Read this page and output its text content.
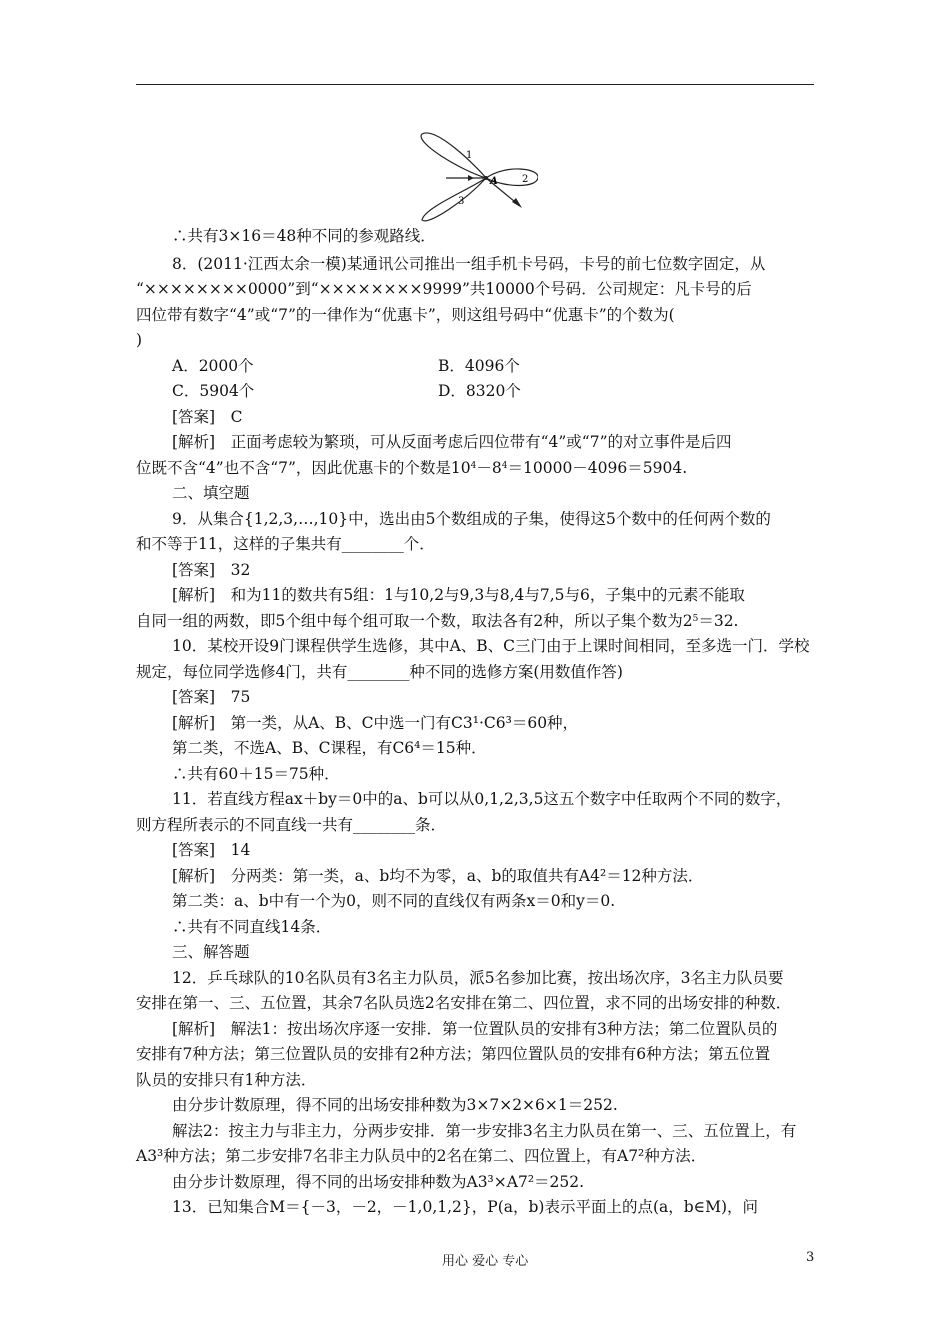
1
A 2
3
∴共有3×16＝48种不同的参观路线．
8．(2011·江西太余一模)某通讯公司推出一组手机卡号码，卡号的前七位数字固定，从
“××××××××0000”到“××××××××9999”共10000个号码．公司规定：凡卡号的后
四位带有数字“4”或“7”的一律作为“优惠卡”，则这组号码中“优惠卡”的个数为(
)
A．2000个	B．4096个
C．5904个	D．8320个
[答案]　C
[解析]　正面考虑较为繁琐，可从反面考虑后四位带有“4”或“7”的对立事件是后四
位既不含“4”也不含“7”，因此优惠卡的个数是$10^4-8^4=10000-4096=5904$.
二、填空题
9．从集合{1,2,3,…,10}中，选出由5个数组成的子集，使得这5个数中的任何两个数的
和不等于11，这样的子集共有________个．
[答案]　32
[解析]　和为11的数共有5组：1与10,2与9,3与8,4与7,5与6，子集中的元素不能取
自同一组的两数，即5个组中每个组可取一个数，取法各有2种，所以子集个数为$2^5=32$.
10．某校开设9门课程供学生选修，其中A、B、C三门由于上课时间相同，至多选一门．学校
规定，每位同学选修4门，共有________种不同的选修方案(用数值作答)
[答案]　75
[解析]　第一类，从A、B、C中选一门有C3¹·C6³＝60种，
第二类，不选A、B、C课程，有C6⁴＝15种．
∴共有60＋15＝75种．
11．若直线方程ax＋by＝0中的a、b可以从0,1,2,3,5这五个数字中任取两个不同的数字，
则方程所表示的不同直线一共有________条．
[答案]　14
[解析]　分两类：第一类，a、b均不为零，a、b的取值共有A4²＝12种方法．
第二类：a、b中有一个为0，则不同的直线仅有两条x＝0和y＝0.
∴共有不同直线14条．
三、解答题
12．乒乓球队的10名队员有3名主力队员，派5名参加比赛，按出场次序，3名主力队员要
安排在第一、三、五位置，其余7名队员选2名安排在第二、四位置，求不同的出场安排的种数．
[解析]　解法1：按出场次序逐一安排．第一位置队员的安排有3种方法；第二位置队员的
安排有7种方法；第三位置队员的安排有2种方法；第四位置队员的安排有6种方法；第五位置
队员的安排只有1种方法．
由分步计数原理，得不同的出场安排种数为3×7×2×6×1＝252.
解法2：按主力与非主力，分两步安排．第一步安排3名主力队员在第一、三、五位置上，有
A3³种方法；第二步安排7名非主力队员中的2名在第二、四位置上，有A7²种方法．
由分步计数原理，得不同的出场安排种数为A3³×A7²＝252.
13．已知集合M＝{－3，－2，－1,0,1,2}，P(a，b)表示平面上的点(a，b∈M)，问
用心 爱心 专心	3
